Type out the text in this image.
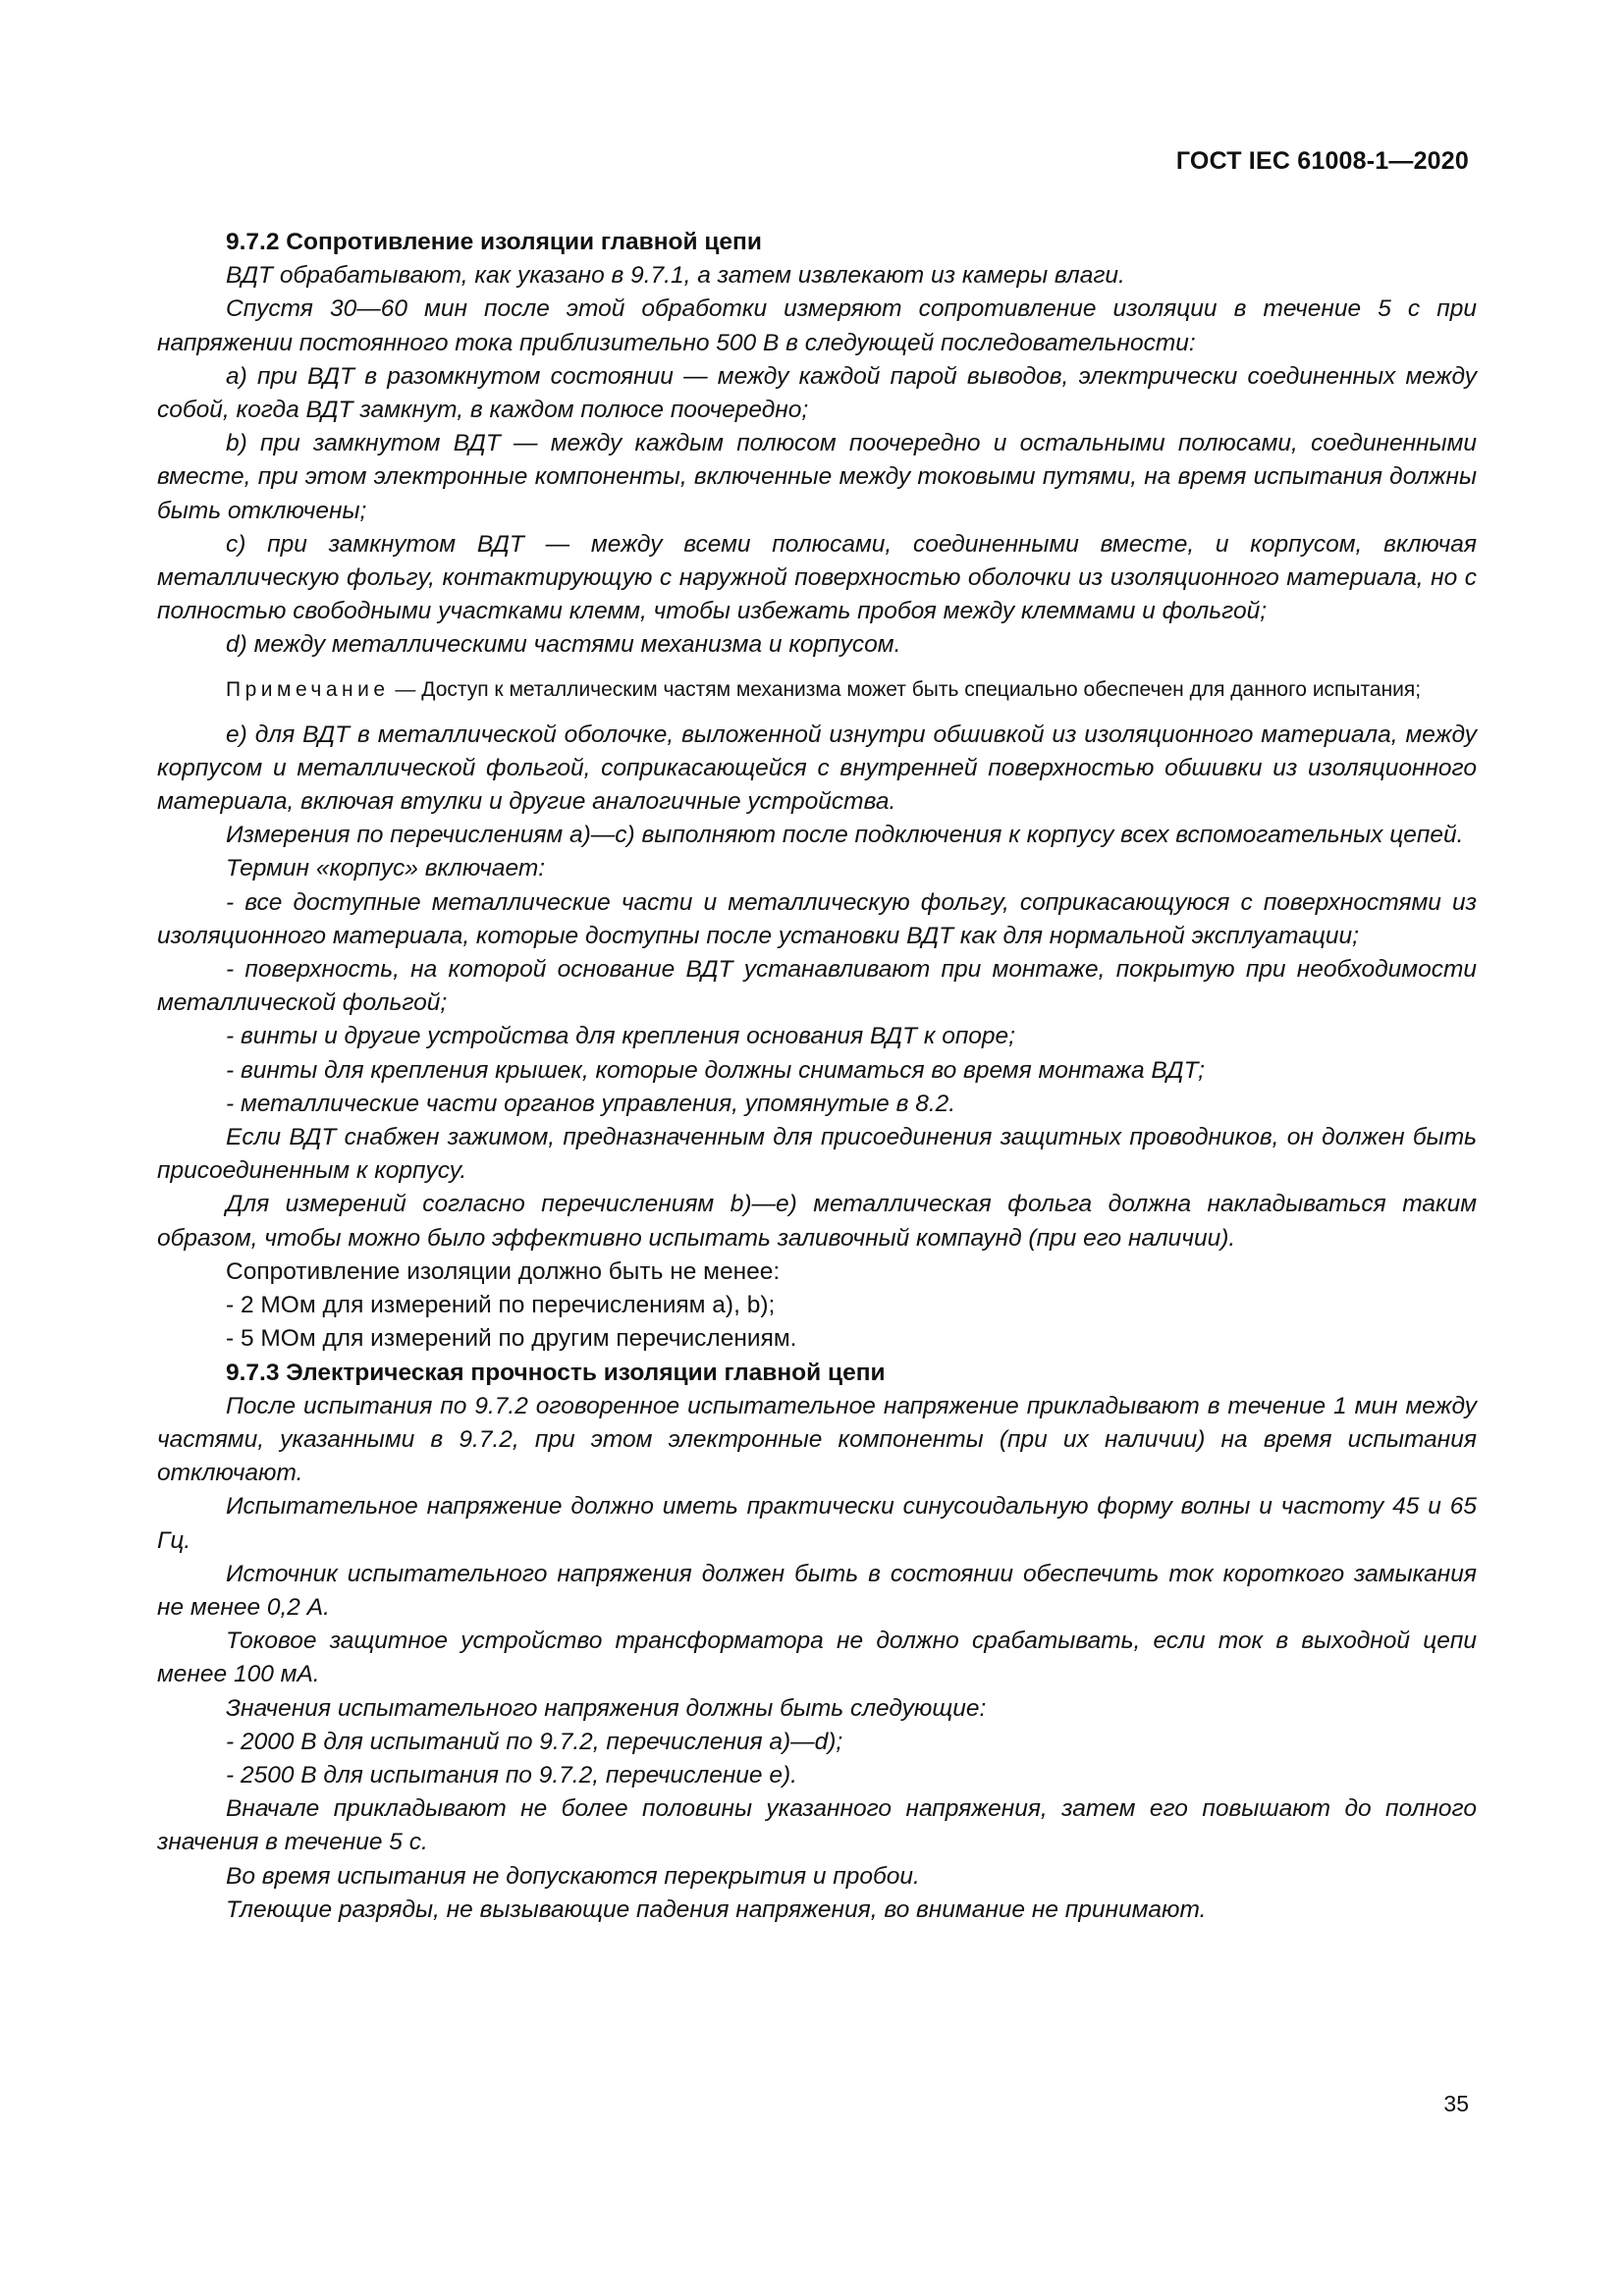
ГОСТ IEC 61008-1—2020

9.7.2 Сопротивление изоляции главной цепи

ВДТ обрабатывают, как указано в 9.7.1, а затем извлекают из камеры влаги.

Спустя 30—60 мин после этой обработки измеряют сопротивление изоляции в течение 5 с при напряжении постоянного тока приблизительно 500 В в следующей последовательности:

a) при ВДТ в разомкнутом состоянии — между каждой парой выводов, электрически соединенных между собой, когда ВДТ замкнут, в каждом полюсе поочередно;

b) при замкнутом ВДТ — между каждым полюсом поочередно и остальными полюсами, соединенными вместе, при этом электронные компоненты, включенные между токовыми путями, на время испытания должны быть отключены;

c) при замкнутом ВДТ — между всеми полюсами, соединенными вместе, и корпусом, включая металлическую фольгу, контактирующую с наружной поверхностью оболочки из изоляционного материала, но с полностью свободными участками клемм, чтобы избежать пробоя между клеммами и фольгой;

d) между металлическими частями механизма и корпусом.

Примечание — Доступ к металлическим частям механизма может быть специально обеспечен для данного испытания;

e) для ВДТ в металлической оболочке, выложенной изнутри обшивкой из изоляционного материала, между корпусом и металлической фольгой, соприкасающейся с внутренней поверхностью обшивки из изоляционного материала, включая втулки и другие аналогичные устройства.

Измерения по перечислениям a)—c) выполняют после подключения к корпусу всех вспомогательных цепей.

Термин «корпус» включает:

- все доступные металлические части и металлическую фольгу, соприкасающуюся с поверхностями из изоляционного материала, которые доступны после установки ВДТ как для нормальной эксплуатации;

- поверхность, на которой основание ВДТ устанавливают при монтаже, покрытую при необходимости металлической фольгой;

- винты и другие устройства для крепления основания ВДТ к опоре;

- винты для крепления крышек, которые должны сниматься во время монтажа ВДТ;

- металлические части органов управления, упомянутые в 8.2.

Если ВДТ снабжен зажимом, предназначенным для присоединения защитных проводников, он должен быть присоединенным к корпусу.

Для измерений согласно перечислениям b)—e) металлическая фольга должна накладываться таким образом, чтобы можно было эффективно испытать заливочный компаунд (при его наличии).

Сопротивление изоляции должно быть не менее:

- 2 МОм для измерений по перечислениям а), b);

- 5 МОм для измерений по другим перечислениям.

9.7.3 Электрическая прочность изоляции главной цепи

После испытания по 9.7.2 оговоренное испытательное напряжение прикладывают в течение 1 мин между частями, указанными в 9.7.2, при этом электронные компоненты (при их наличии) на время испытания отключают.

Испытательное напряжение должно иметь практически синусоидальную форму волны и частоту 45 и 65 Гц.

Источник испытательного напряжения должен быть в состоянии обеспечить ток короткого замыкания не менее 0,2 А.

Токовое защитное устройство трансформатора не должно срабатывать, если ток в выходной цепи менее 100 мА.

Значения испытательного напряжения должны быть следующие:

- 2000 В для испытаний по 9.7.2, перечисления а)—d);

- 2500 В для испытания по 9.7.2, перечисление е).

Вначале прикладывают не более половины указанного напряжения, затем его повышают до полного значения в течение 5 с.

Во время испытания не допускаются перекрытия и пробои.

Тлеющие разряды, не вызывающие падения напряжения, во внимание не принимают.

35
